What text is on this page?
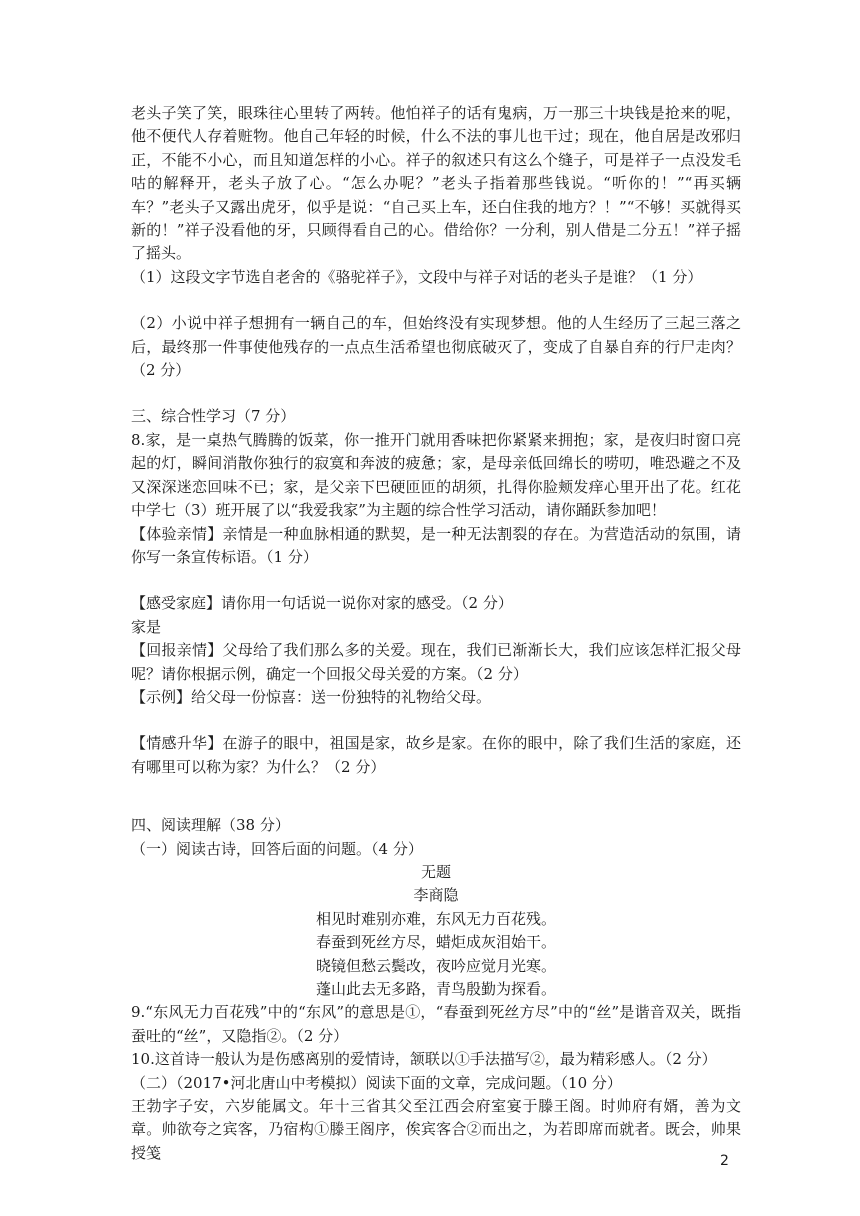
老头子笑了笑，眼珠往心里转了两转。他怕祥子的话有鬼病，万一那三十块钱是抢来的呢，他不便代人存着赃物。他自己年轻的时候，什么不法的事儿也干过；现在，他自居是改邪归正，不能不小心，而且知道怎样的小心。祥子的叙述只有这么个缝子，可是祥子一点没发毛咕的解释开，老头子放了心。“怎么办呢？”老头子指着那些钱说。“听你的！”“再买辆车？”老头子又露出虎牙，似乎是说：“自己买上车，还白住我的地方？！”“不够！买就得买新的！”祥子没看他的牙，只顾得看自己的心。借给你？一分利，别人借是二分五！”祥子摇了摇头。

（1）这段文字节选自老舍的《骆驼祥子》，文段中与祥子对话的老头子是谁？（1 分）

（2）小说中祥子想拥有一辆自己的车，但始终没有实现梦想。他的人生经历了三起三落之后，最终那一件事使他残存的一点点生活希望也彻底破灭了，变成了自暴自弃的行尸走肉？（2 分）

三、综合性学习（7 分）

8.家，是一桌热气腾腾的饭菜，你一推开门就用香味把你紧紧来拥抱；家，是夜归时窗口亮起的灯，瞬间消散你独行的寂寞和奔波的疲惫；家，是母亲低回绵长的唠叨，唯恐避之不及又深深迷恋回味不已；家，是父亲下巴硬匝匝的胡须，扎得你脸颊发痒心里开出了花。红花中学七（3）班开展了以“我爱我家”为主题的综合性学习活动，请你踊跃参加吧！

【体验亲情】亲情是一种血脉相通的默契，是一种无法割裂的存在。为营造活动的氛围，请你写一条宣传标语。（1 分）

【感受家庭】请你用一句话说一说你对家的感受。（2 分）

家是

【回报亲情】父母给了我们那么多的关爱。现在，我们已渐渐长大，我们应该怎样汇报父母呢？请你根据示例，确定一个回报父母关爱的方案。（2 分）

【示例】给父母一份惊喜：送一份独特的礼物给父母。

【情感升华】在游子的眼中，祖国是家，故乡是家。在你的眼中，除了我们生活的家庭，还有哪里可以称为家？为什么？（2 分）

四、阅读理解（38 分）

（一）阅读古诗，回答后面的问题。（4 分）

无题

李商隐

相见时难别亦难，东风无力百花残。

春蚕到死丝方尽，蜡炬成灰泪始干。

晓镜但愁云鬓改，夜吟应觉月光寒。

蓬山此去无多路，青鸟殷勤为探看。

9.“东风无力百花残”中的“东风”的意思是①，“春蚕到死丝方尽”中的“丝”是谐音双关，既指蚕吐的“丝”，又隐指②。（2 分）

10.这首诗一般认为是伤感离别的爱情诗，颔联以①手法描写②，最为精彩感人。（2 分）

（二）（2017•河北唐山中考模拟）阅读下面的文章，完成问题。（10 分）

王勃字子安，六岁能属文。年十三省其父至江西会府室宴于滕王阁。时帅府有婿，善为文章。帅欲夸之宾客，乃宿构①滕王阁序，俟宾客合②而出之，为若即席而就者。既会，帅果授笺	2
